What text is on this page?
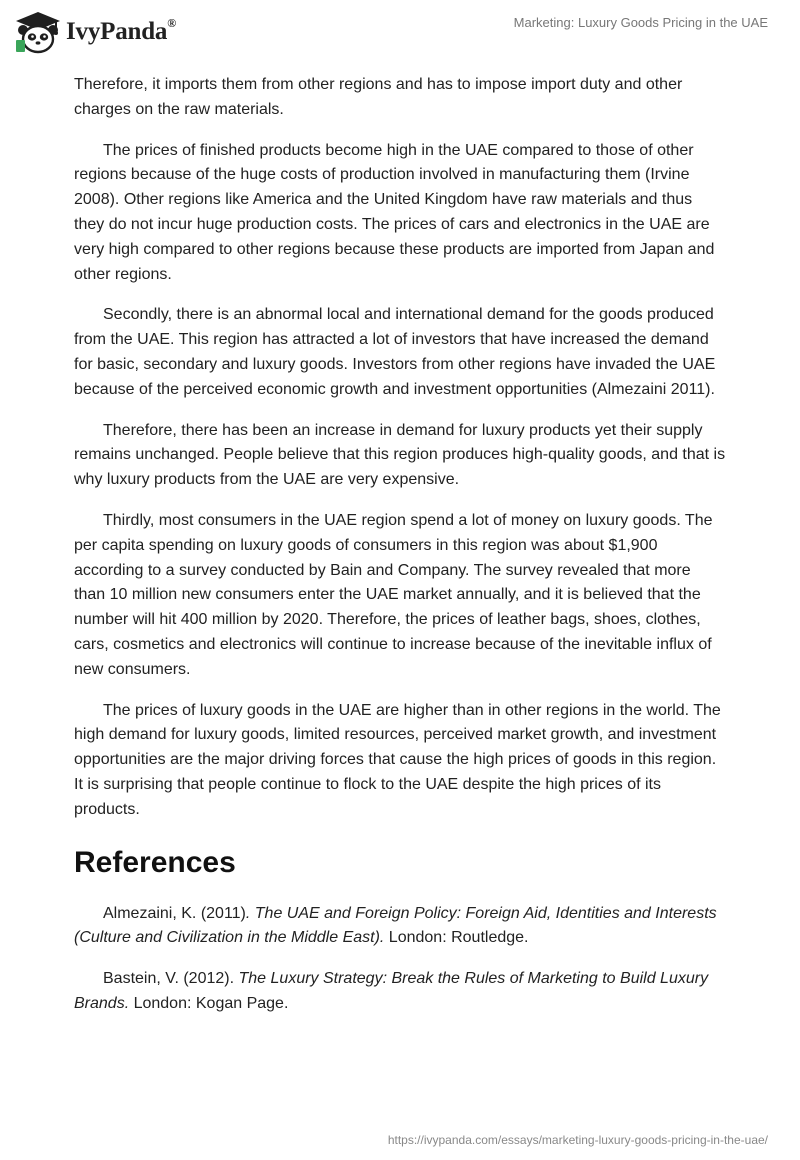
IvyPanda®	Marketing: Luxury Goods Pricing in the UAE

Therefore, it imports them from other regions and has to impose import duty and other charges on the raw materials.

The prices of finished products become high in the UAE compared to those of other regions because of the huge costs of production involved in manufacturing them (Irvine 2008). Other regions like America and the United Kingdom have raw materials and thus they do not incur huge production costs. The prices of cars and electronics in the UAE are very high compared to other regions because these products are imported from Japan and other regions.

Secondly, there is an abnormal local and international demand for the goods produced from the UAE. This region has attracted a lot of investors that have increased the demand for basic, secondary and luxury goods. Investors from other regions have invaded the UAE because of the perceived economic growth and investment opportunities (Almezaini 2011).

Therefore, there has been an increase in demand for luxury products yet their supply remains unchanged. People believe that this region produces high-quality goods, and that is why luxury products from the UAE are very expensive.

Thirdly, most consumers in the UAE region spend a lot of money on luxury goods. The per capita spending on luxury goods of consumers in this region was about $1,900 according to a survey conducted by Bain and Company. The survey revealed that more than 10 million new consumers enter the UAE market annually, and it is believed that the number will hit 400 million by 2020. Therefore, the prices of leather bags, shoes, clothes, cars, cosmetics and electronics will continue to increase because of the inevitable influx of new consumers.

The prices of luxury goods in the UAE are higher than in other regions in the world. The high demand for luxury goods, limited resources, perceived market growth, and investment opportunities are the major driving forces that cause the high prices of goods in this region. It is surprising that people continue to flock to the UAE despite the high prices of its products.

References

Almezaini, K. (2011). The UAE and Foreign Policy: Foreign Aid, Identities and Interests (Culture and Civilization in the Middle East). London: Routledge.

Bastein, V. (2012). The Luxury Strategy: Break the Rules of Marketing to Build Luxury Brands. London: Kogan Page.

https://ivypanda.com/essays/marketing-luxury-goods-pricing-in-the-uae/
